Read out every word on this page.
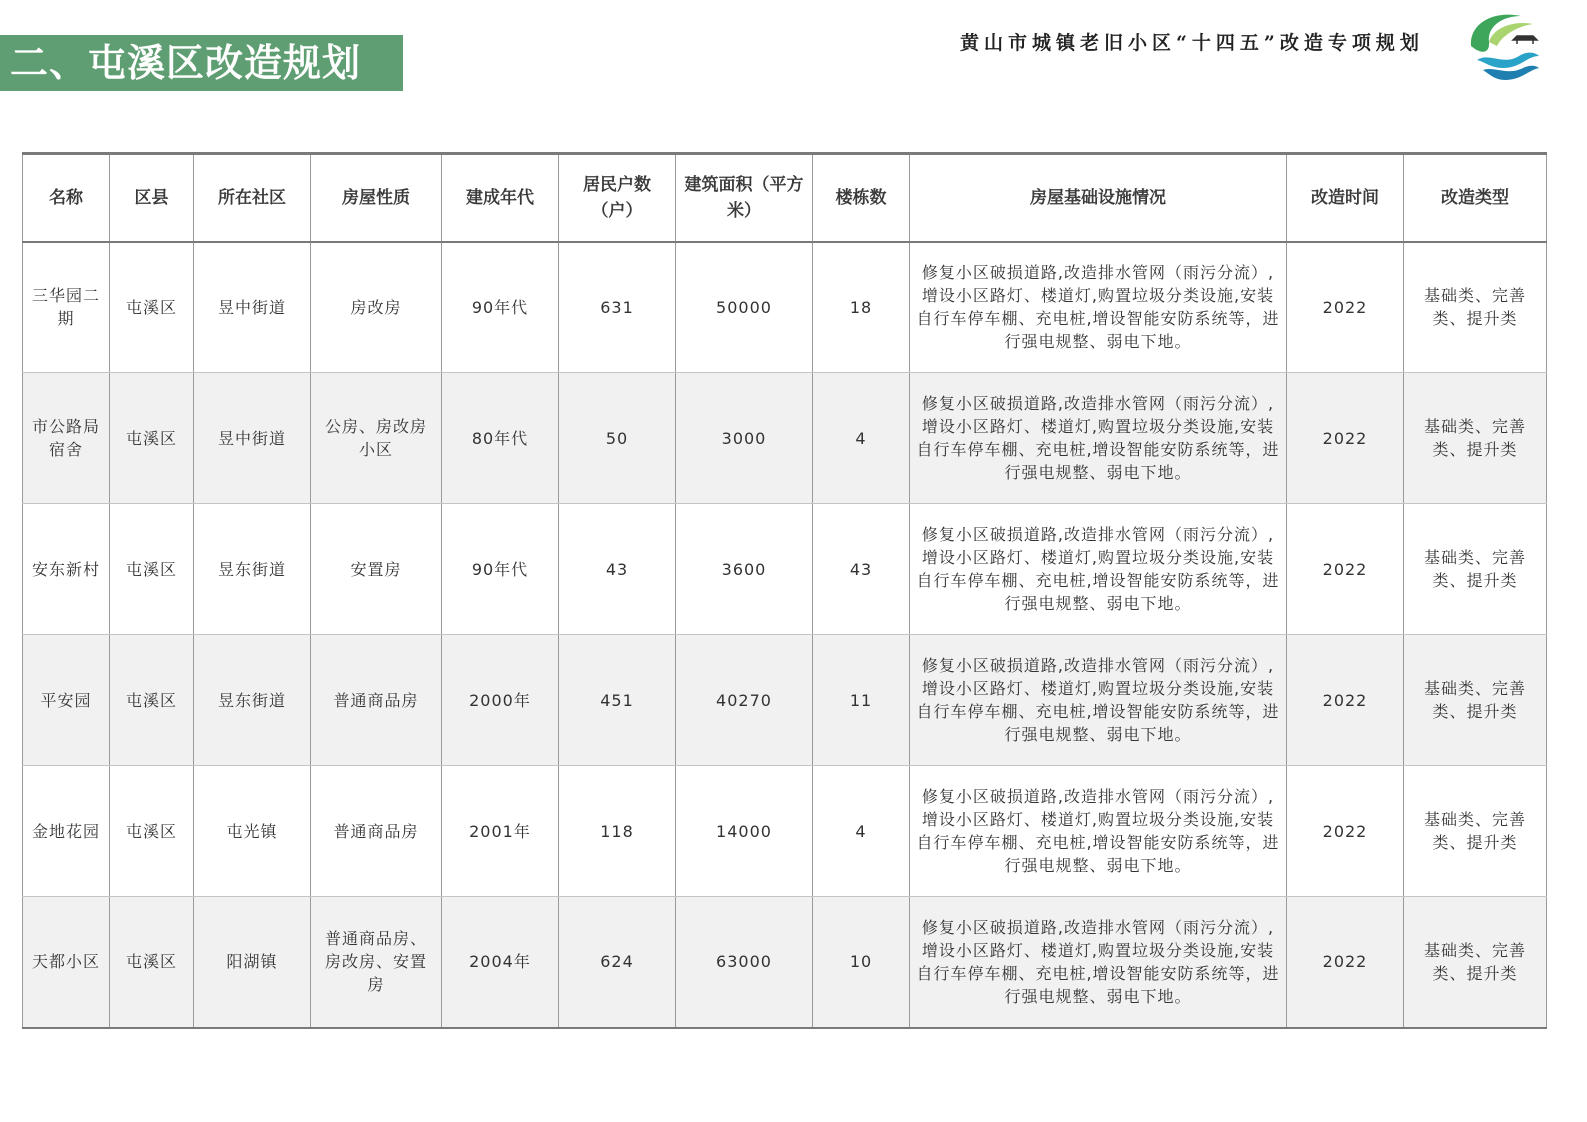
二、屯溪区改造规划	黄山市城镇老旧小区“十四五”改造专项规划
名称	区县	所在社区	房屋性质	建成年代	居民户数（户）	建筑面积（平方米）	楼栋数	房屋基础设施情况	改造时间	改造类型
三华园二期	屯溪区	昱中街道	房改房	90年代	631	50000	18	修复小区破损道路,改造排水管网（雨污分流）,增设小区路灯、楼道灯,购置垃圾分类设施,安装自行车停车棚、充电桩,增设智能安防系统等，进行强电规整、弱电下地。	2022	基础类、完善类、提升类
市公路局宿舍	屯溪区	昱中街道	公房、房改房小区	80年代	50	3000	4	修复小区破损道路,改造排水管网（雨污分流）,增设小区路灯、楼道灯,购置垃圾分类设施,安装自行车停车棚、充电桩,增设智能安防系统等，进行强电规整、弱电下地。	2022	基础类、完善类、提升类
安东新村	屯溪区	昱东街道	安置房	90年代	43	3600	43	修复小区破损道路,改造排水管网（雨污分流）,增设小区路灯、楼道灯,购置垃圾分类设施,安装自行车停车棚、充电桩,增设智能安防系统等，进行强电规整、弱电下地。	2022	基础类、完善类、提升类
平安园	屯溪区	昱东街道	普通商品房	2000年	451	40270	11	修复小区破损道路,改造排水管网（雨污分流）,增设小区路灯、楼道灯,购置垃圾分类设施,安装自行车停车棚、充电桩,增设智能安防系统等，进行强电规整、弱电下地。	2022	基础类、完善类、提升类
金地花园	屯溪区	屯光镇	普通商品房	2001年	118	14000	4	修复小区破损道路,改造排水管网（雨污分流）,增设小区路灯、楼道灯,购置垃圾分类设施,安装自行车停车棚、充电桩,增设智能安防系统等，进行强电规整、弱电下地。	2022	基础类、完善类、提升类
天都小区	屯溪区	阳湖镇	普通商品房、房改房、安置房	2004年	624	63000	10	修复小区破损道路,改造排水管网（雨污分流）,增设小区路灯、楼道灯,购置垃圾分类设施,安装自行车停车棚、充电桩,增设智能安防系统等，进行强电规整、弱电下地。	2022	基础类、完善类、提升类
